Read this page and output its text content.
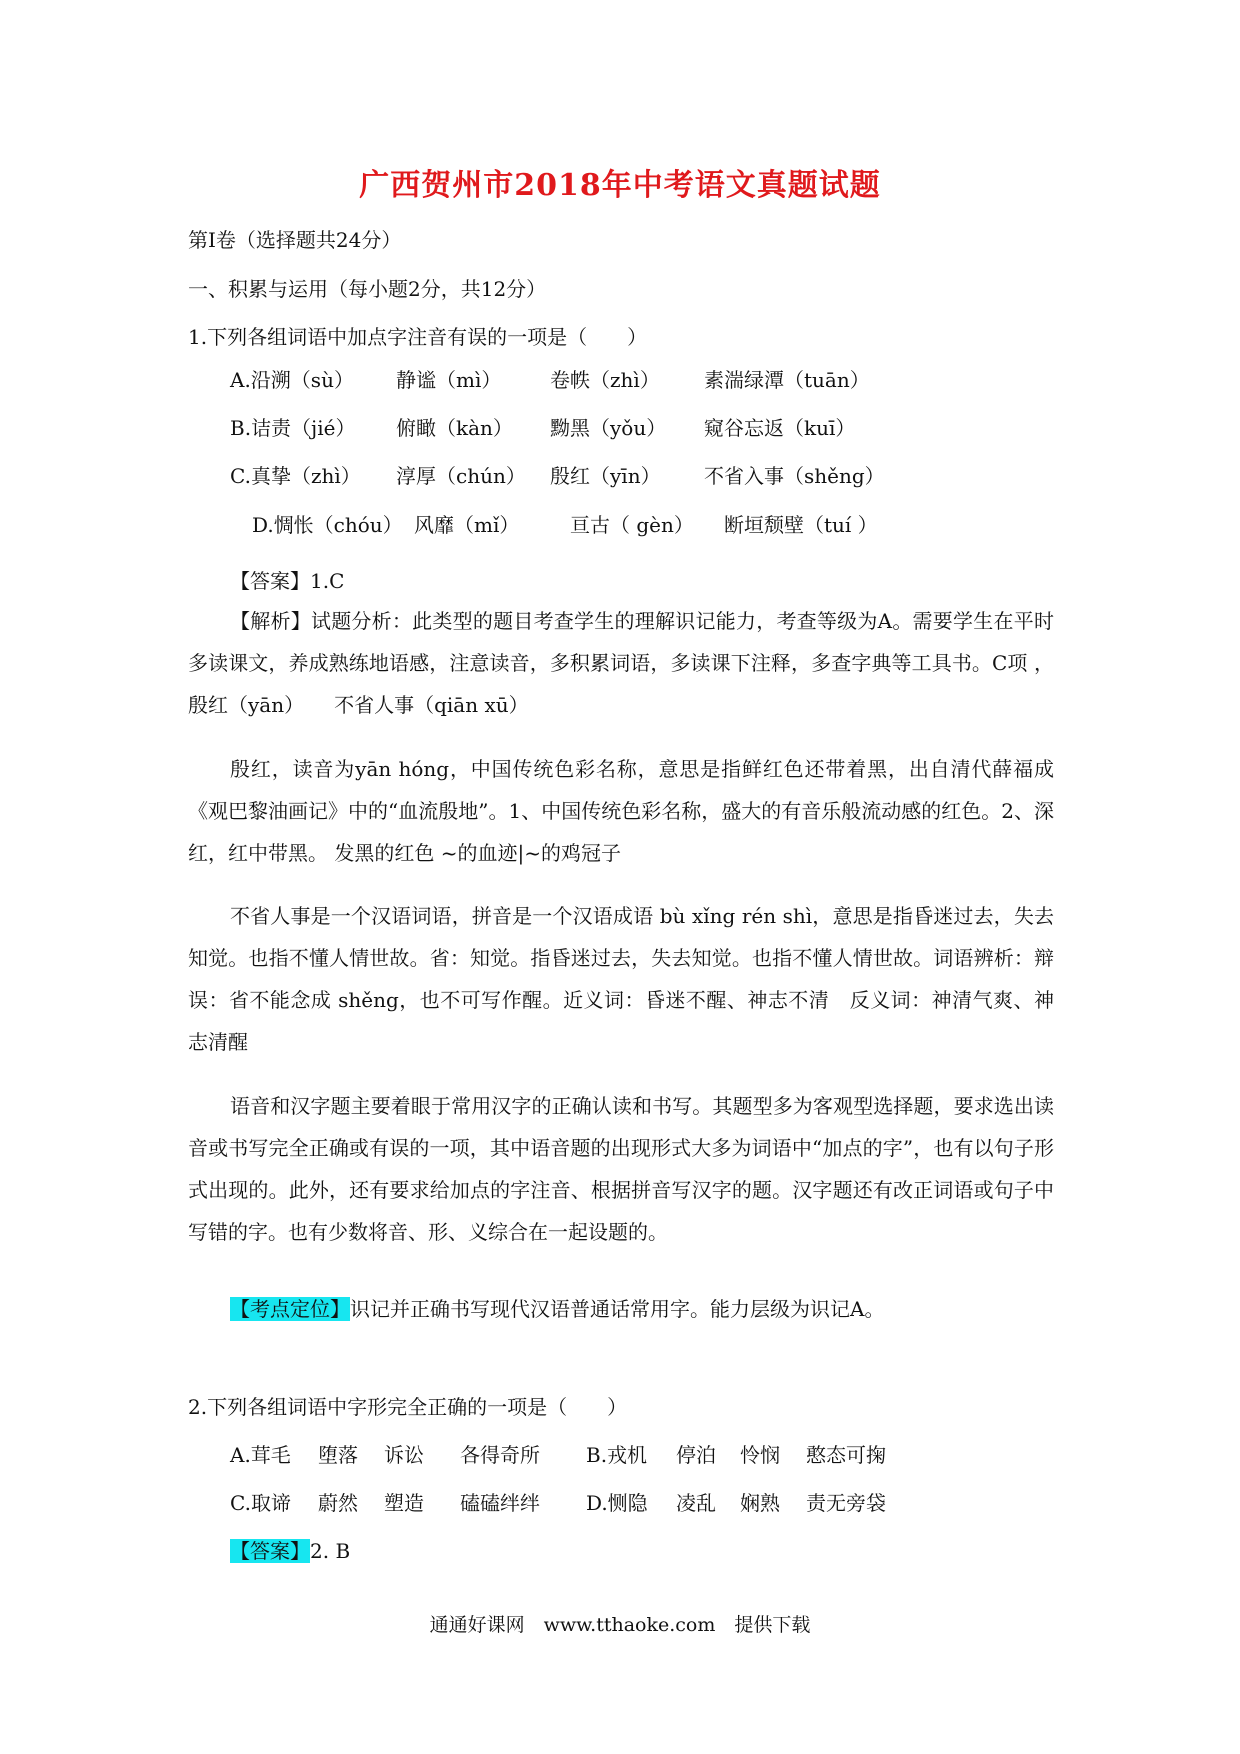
广西贺州市2018年中考语文真题试题
第Ⅰ卷（选择题共24分）
一、积累与运用（每小题2分，共12分）
1.下列各组词语中加点字注音有误的一项是（　　）
A.沿溯（sù） 静谧（mì） 卷帙（zhì） 素湍绿潭（tuān）
B.诘责（jié） 俯瞰（kàn） 黝黑（yǒu） 窥谷忘返（kuī）
C.真挚（zhì） 淳厚（chún） 殷红（yīn） 不省入事（shěng）
D.惆怅（chóu） 风靡（mǐ）	亘古（ gèn） 断垣颓壁（tuí ）
【答案】1.C
【解析】试题分析：此类型的题目考查学生的理解识记能力，考查等级为A。需要学生在平时多读课文，养成熟练地语感，注意读音，多积累词语，多读课下注释，多查字典等工具书。C项 ，殷红（yān）　　不省人事（qiān xū）
殷红，读音为yān hóng，中国传统色彩名称，意思是指鲜红色还带着黑，出自清代薛福成《观巴黎油画记》中的“血流殷地”。1、中国传统色彩名称，盛大的有音乐般流动感的红色。2、深红，红中带黑。 发黑的红色 ~的血迹|~的鸡冠子
不省人事是一个汉语词语，拼音是一个汉语成语 bù xǐng rén shì，意思是指昏迷过去，失去知觉。也指不懂人情世故。省：知觉。指昏迷过去，失去知觉。也指不懂人情世故。词语辨析：辩误：省不能念成 shěng，也不可写作醒。近义词：昏迷不醒、神志不清　反义词：神清气爽、神志清醒
语音和汉字题主要着眼于常用汉字的正确认读和书写。其题型多为客观型选择题，要求选出读音或书写完全正确或有误的一项，其中语音题的出现形式大多为词语中“加点的字”，也有以句子形式出现的。此外，还有要求给加点的字注音、根据拼音写汉字的题。汉字题还有改正词语或句子中写错的字。也有少数将音、形、义综合在一起设题的。
【考点定位】识记并正确书写现代汉语普通话常用字。能力层级为识记A。
2.下列各组词语中字形完全正确的一项是（　　）
A.茸毛 堕落 诉讼 各得奇所 B.戎机 停泊 怜悯 憨态可掬
C.取谛 蔚然 塑造 磕磕绊绊 D.恻隐 凌乱 娴熟 责无旁袋
【答案】2. B
通通好课网　www.tthaoke.com　提供下载
